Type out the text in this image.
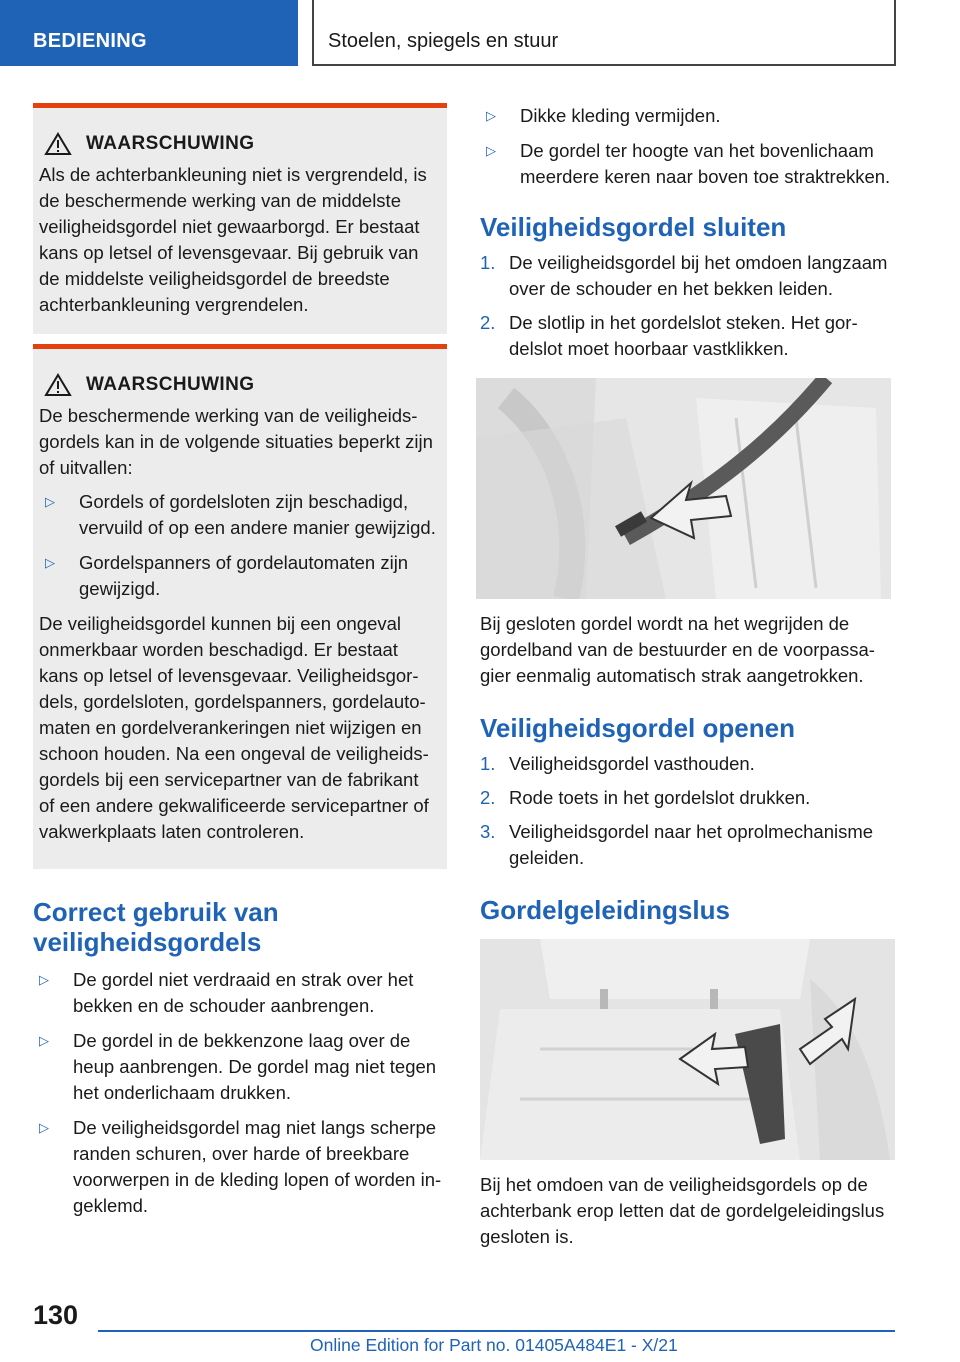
BEDIENING	Stoelen, spiegels en stuur
WAARSCHUWING

Als de achterbankleuning niet is vergrendeld, is de beschermende werking van de middelste veiligheidsgordel niet gewaarborgd. Er bestaat kans op letsel of levensgevaar. Bij gebruik van de middelste veiligheidsgordel de breedste achterbankleuning vergrendelen.

WAARSCHUWING

De beschermende werking van de veiligheidsgordels kan in de volgende situaties beperkt zijn of uitvallen:

▷ Gordels of gordelsloten zijn beschadigd, vervuild of op een andere manier gewijzigd.
▷ Gordelspanners of gordelautomaten zijn gewijzigd.

De veiligheidsgordel kunnen bij een ongeval onmerkbaar worden beschadigd. Er bestaat kans op letsel of levensgevaar. Veiligheidsgordels, gordelsloten, gordelspanners, gordelautomaten en gordelverankeringen niet wijzigen en schoon houden. Na een ongeval de veiligheidsgordels bij een servicepartner van de fabrikant of een andere gekwalificeerde servicepartner of vakwerkplaats laten controleren.

Correct gebruik van veiligheidsgordels
▷ De gordel niet verdraaid en strak over het bekken en de schouder aanbrengen.
▷ De gordel in de bekkenzone laag over de heup aanbrengen. De gordel mag niet tegen het onderlichaam drukken.
▷ De veiligheidsgordel mag niet langs scherpe randen schuren, over harde of breekbare voorwerpen in de kleding lopen of worden ingeklemd.
▷ Dikke kleding vermijden.
▷ De gordel ter hoogte van het bovenlichaam meerdere keren naar boven toe straktrekken.
Veiligheidsgordel sluiten
1. De veiligheidsgordel bij het omdoen langzaam over de schouder en het bekken leiden.
2. De slotlip in het gordelslot steken. Het gordelslot moet hoorbaar vastklikken.

Bij gesloten gordel wordt na het wegrijden de gordelband van de bestuurder en de voorpassagier eenmalig automatisch strak aangetrokken.

Veiligheidsgordel openen
1. Veiligheidsgordel vasthouden.
2. Rode toets in het gordelslot drukken.
3. Veiligheidsgordel naar het oprolmechanisme geleiden.
Gordelgeleidingslus

Bij het omdoen van de veiligheidsgordels op de achterbank erop letten dat de gordelgeleidingslus gesloten is.

130
Online Edition for Part no. 01405A484E1 - X/21
